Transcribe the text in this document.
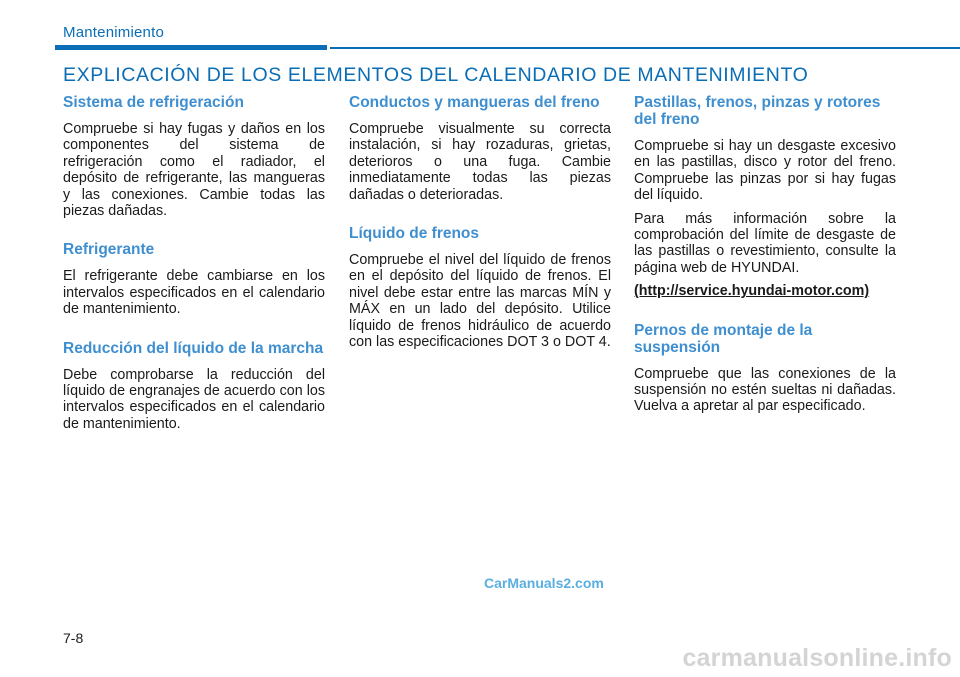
Mantenimiento
EXPLICACIÓN DE LOS ELEMENTOS DEL CALENDARIO DE MANTENIMIENTO
Sistema de refrigeración

Compruebe si hay fugas y daños en los componentes del sistema de refrigeración como el radiador, el depósito de refrigerante, las mangueras y las conexiones. Cambie todas las piezas dañadas.

Refrigerante

El refrigerante debe cambiarse en los intervalos especificados en el calendario de mantenimiento.

Reducción del líquido de la marcha

Debe comprobarse la reducción del líquido de engranajes de acuerdo con los intervalos especificados en el calendario de mantenimiento.

Conductos y mangueras del freno

Compruebe visualmente su correcta instalación, si hay rozaduras, grietas, deterioros o una fuga. Cambie inmediatamente todas las piezas dañadas o deterioradas.

Líquido de frenos

Compruebe el nivel del líquido de frenos en el depósito del líquido de frenos. El nivel debe estar entre las marcas MÍN y MÁX en un lado del depósito. Utilice líquido de frenos hidráulico de acuerdo con las especificaciones DOT 3 o DOT 4.

Pastillas, frenos, pinzas y rotores del freno

Compruebe si hay un desgaste excesivo en las pastillas, disco y rotor del freno. Compruebe las pinzas por si hay fugas del líquido.

Para más información sobre la comprobación del límite de desgaste de las pastillas o revestimiento, consulte la página web de HYUNDAI.

(http://service.hyundai-motor.com)
Pernos de montaje de la suspensión

Compruebe que las conexiones de la suspensión no estén sueltas ni dañadas. Vuelva a apretar al par especificado.

CarManuals2.com
7-8
carmanualsonline.info
